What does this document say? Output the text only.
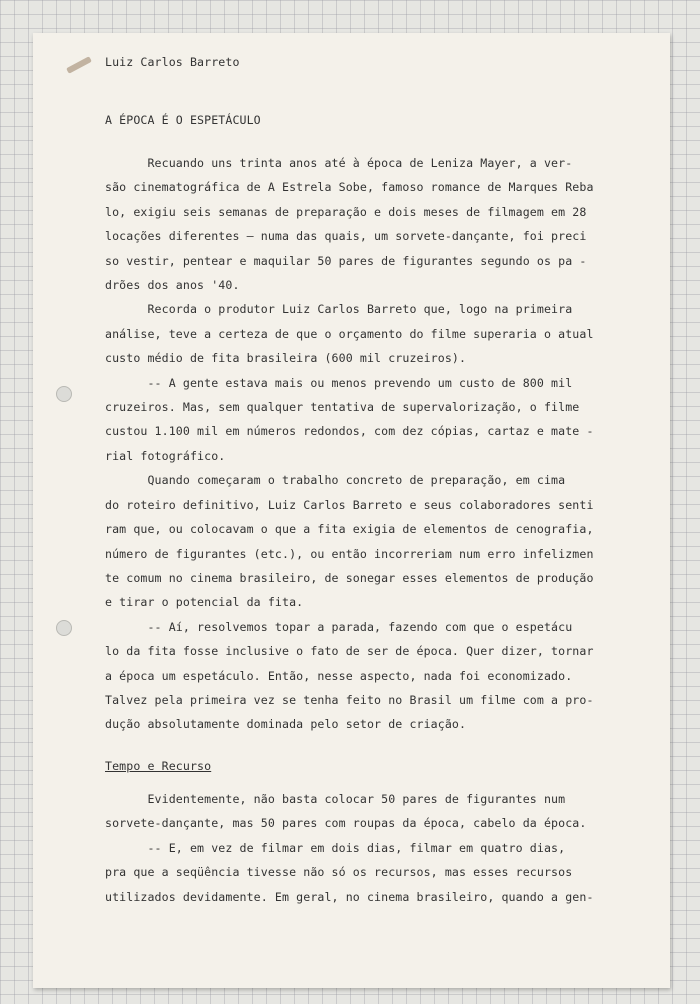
Luiz Carlos Barreto

A ÉPOCA É O ESPETÁCULO

Recuando uns trinta anos até à época de Leniza Mayer, a ver-
são cinematográfica de A Estrela Sobe, famoso romance de Marques Reba
lo, exigiu seis semanas de preparação e dois meses de filmagem em 28
locações diferentes — numa das quais, um sorvete-dançante, foi preci
so vestir, pentear e maquilar 50 pares de figurantes segundo os pa -
drões dos anos '40.
Recorda o produtor Luiz Carlos Barreto que, logo na primeira
análise, teve a certeza de que o orçamento do filme superaria o atual
custo médio de fita brasileira (600 mil cruzeiros).
-- A gente estava mais ou menos prevendo um custo de 800 mil
cruzeiros. Mas, sem qualquer tentativa de supervalorização, o filme
custou 1.100 mil em números redondos, com dez cópias, cartaz e mate -
rial fotográfico.
Quando começaram o trabalho concreto de preparação, em cima
do roteiro definitivo, Luiz Carlos Barreto e seus colaboradores senti
ram que, ou colocavam o que a fita exigia de elementos de cenografia,
número de figurantes (etc.), ou então incorreriam num erro infelizmen
te comum no cinema brasileiro, de sonegar esses elementos de produção
e tirar o potencial da fita.
-- Aí, resolvemos topar a parada, fazendo com que o espetácu
lo da fita fosse inclusive o fato de ser de época. Quer dizer, tornar
a época um espetáculo. Então, nesse aspecto, nada foi economizado.
Talvez pela primeira vez se tenha feito no Brasil um filme com a pro-
dução absolutamente dominada pelo setor de criação.

Tempo e Recurso

Evidentemente, não basta colocar 50 pares de figurantes num
sorvete-dançante, mas 50 pares com roupas da época, cabelo da época.
-- E, em vez de filmar em dois dias, filmar em quatro dias,
pra que a seqüência tivesse não só os recursos, mas esses recursos
utilizados devidamente. Em geral, no cinema brasileiro, quando a gen-
